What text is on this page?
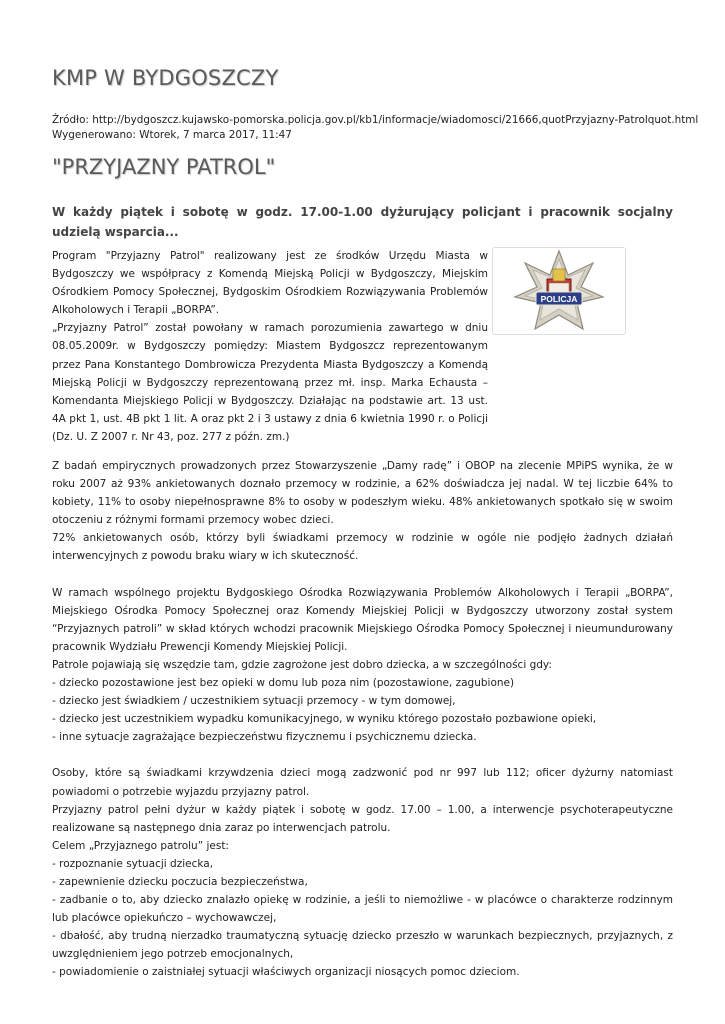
KMP W BYDGOSZCZY
Źródło: http://bydgoszcz.kujawsko-pomorska.policja.gov.pl/kb1/informacje/wiadomosci/21666,quotPrzyjazny-Patrolquot.html
Wygenerowano: Wtorek, 7 marca 2017, 11:47
"PRZYJAZNY PATROL"

W każdy piątek i sobotę w godz. 17.00-1.00 dyżurujący policjant i pracownik socjalny udzielą wsparcia...

Program "Przyjazny Patrol" realizowany jest ze środków Urzędu Miasta w Bydgoszczy we współpracy z Komendą Miejską Policji w Bydgoszczy, Miejskim Ośrodkiem Pomocy Społecznej, Bydgoskim Ośrodkiem Rozwiązywania Problemów Alkoholowych i Terapii „BORPA”.

„Przyjazny Patrol” został powołany w ramach porozumienia zawartego w dniu 08.05.2009r. w Bydgoszczy pomiędzy: Miastem Bydgoszcz reprezentowanym przez Pana Konstantego Dombrowicza Prezydenta Miasta Bydgoszczy a Komendą Miejską Policji w Bydgoszczy reprezentowaną przez mł. insp. Marka Echausta – Komendanta Miejskiego Policji w Bydgoszczy. Działając na podstawie art. 13 ust. 4A pkt 1, ust. 4B pkt 1 lit. A oraz pkt 2 i 3 ustawy z dnia 6 kwietnia 1990 r. o Policji (Dz. U. Z 2007 r. Nr 43, poz. 277 z późn. zm.)

POLICJA

Z badań empirycznych prowadzonych przez Stowarzyszenie „Damy radę” i OBOP na zlecenie MPiPS wynika, że w roku 2007 aż 93% ankietowanych doznało przemocy w rodzinie, a 62% doświadcza jej nadal. W tej liczbie 64% to kobiety, 11% to osoby niepełnosprawne 8% to osoby w podeszłym wieku. 48% ankietowanych spotkało się w swoim otoczeniu z różnymi formami przemocy wobec dzieci.

72% ankietowanych osób, którzy byli świadkami przemocy w rodzinie w ogóle nie podjęło żadnych działań interwencyjnych z powodu braku wiary w ich skuteczność.

W ramach wspólnego projektu Bydgoskiego Ośrodka Rozwiązywania Problemów Alkoholowych i Terapii „BORPA”, Miejskiego Ośrodka Pomocy Społecznej oraz Komendy Miejskiej Policji w Bydgoszczy utworzony został system “Przyjaznych patroli” w skład których wchodzi pracownik Miejskiego Ośrodka Pomocy Społecznej i nieumundurowany pracownik Wydziału Prewencji Komendy Miejskiej Policji.

Patrole pojawiają się wszędzie tam, gdzie zagrożone jest dobro dziecka, a w szczególności gdy:

- dziecko pozostawione jest bez opieki w domu lub poza nim (pozostawione, zagubione)

- dziecko jest świadkiem / uczestnikiem sytuacji przemocy - w tym domowej,

- dziecko jest uczestnikiem wypadku komunikacyjnego, w wyniku którego pozostało pozbawione opieki,

- inne sytuacje zagrażające bezpieczeństwu fizycznemu i psychicznemu dziecka.

Osoby, które są świadkami krzywdzenia dzieci mogą zadzwonić pod nr 997 lub 112; oficer dyżurny natomiast powiadomi o potrzebie wyjazdu przyjazny patrol.

Przyjazny patrol pełni dyżur w każdy piątek i sobotę w godz. 17.00 – 1.00, a interwencje psychoterapeutyczne realizowane są następnego dnia zaraz po interwencjach patrolu.

Celem „Przyjaznego patrolu” jest:

- rozpoznanie sytuacji dziecka,

- zapewnienie dziecku poczucia bezpieczeństwa,

- zadbanie o to, aby dziecko znalazło opiekę w rodzinie, a jeśli to niemożliwe - w placówce o charakterze rodzinnym lub placówce opiekuńczo – wychowawczej,

- dbałość, aby trudną nierzadko traumatyczną sytuację dziecko przeszło w warunkach bezpiecznych, przyjaznych, z uwzględnieniem jego potrzeb emocjonalnych,

- powiadomienie o zaistniałej sytuacji właściwych organizacji niosących pomoc dzieciom.
